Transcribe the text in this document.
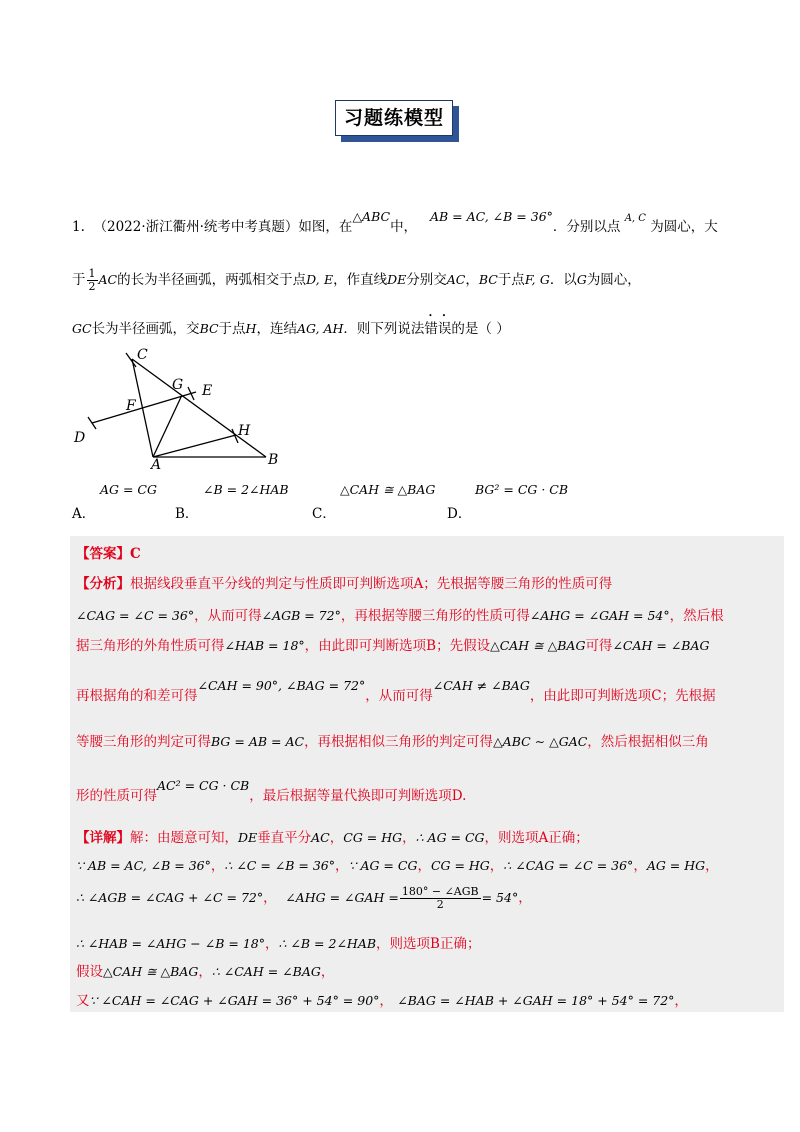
习题练模型
1. （2022·浙江衢州·统考中考真题）如图，在△ABC中，   AB = AC, ∠B = 36°．分别以点 $^{A, C}$ 为圆心，大
于 $\frac{1}{2}$ AC的长为半径画弧，两弧相交于点D, E，作直线DE分别交AC，BC于点F, G．以G为圆心，
GC长为半径画弧，交BC于点H，连结AG, AH．则下列说法错误的是（ ）
C
G E
F
D	H
A	B
A．
AG = CG
B．
∠B = 2∠HAB
C．
△CAH ≅ △BAG
D．
BG² = CG · CB
【答案】C
【分析】根据线段垂直平分线的判定与性质即可判断选项A；先根据等腰三角形的性质可得
∠CAG = ∠C = 36°，从而可得∠AGB = 72°，再根据等腰三角形的性质可得∠AHG = ∠GAH = 54°，然后根
据三角形的外角性质可得∠HAB = 18°，由此即可判断选项B；先假设△CAH ≅ △BAG可得∠CAH = ∠BAG
再根据角的和差可得∠CAH = 90°, ∠BAG = 72°，从而可得∠CAH ≠ ∠BAG，由此即可判断选项C；先根据
等腰三角形的判定可得BG = AB = AC，再根据相似三角形的判定可得△ABC ∼ △GAC，然后根据相似三角
形的性质可得AC² = CG · CB，最后根据等量代换即可判断选项D.
【详解】解：由题意可知，DE垂直平分AC，CG = HG，∴ AG = CG，则选项A正确；
∵ AB = AC, ∠B = 36°，∴ ∠C = ∠B = 36°，∵ AG = CG，CG = HG，∴ ∠CAG = ∠C = 36°，AG = HG，
∴ ∠AGB = ∠CAG + ∠C = 72°， ∠AHG = ∠GAH = $\frac{\text{180° − ∠AGB}}{2} = 54^\circ$，
∴ ∠HAB = ∠AHG − ∠B = 18°，∴ ∠B = 2∠HAB，则选项B正确；
假设△CAH ≅ △BAG，∴ ∠CAH = ∠BAG，
又∵ ∠CAH = ∠CAG + ∠GAH = 36° + 54° = 90°， ∠BAG = ∠HAB + ∠GAH = 18° + 54° = 72°，
